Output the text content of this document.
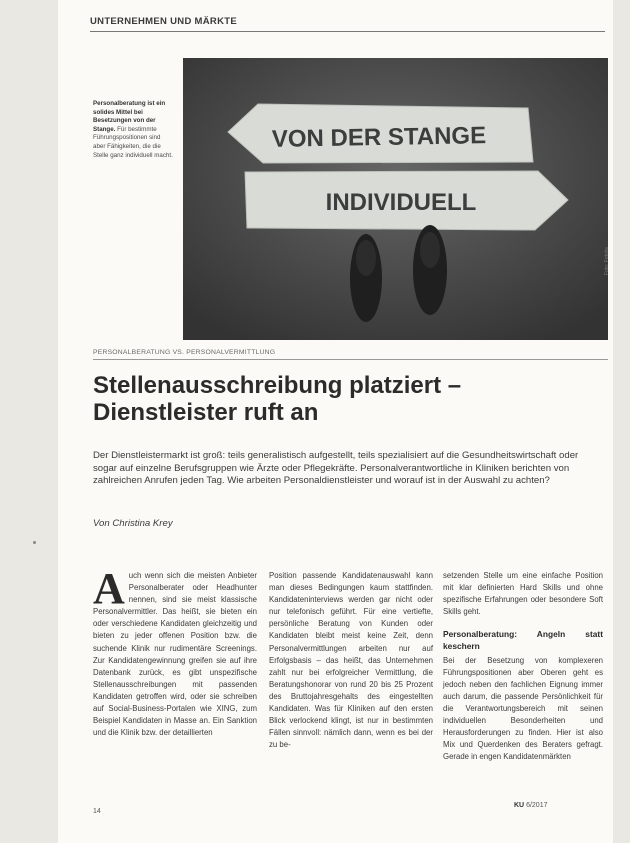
UNTERNEHMEN UND MÄRKTE
VON DER STANGE
INDIVIDUELL
Personalberatung ist ein solides Mittel bei Besetzungen von der Stange. Für bestimmte Führungspositionen sind aber Fähigkeiten, die die Stelle ganz individuell macht.
Foto: Fotolia
PERSONALBERATUNG VS. PERSONALVERMITTLUNG
Stellenausschreibung platziert – Dienstleister ruft an

Der Dienstleistermarkt ist groß: teils generalistisch aufgestellt, teils spezialisiert auf die Gesundheitswirtschaft oder sogar auf einzelne Berufsgruppen wie Ärzte oder Pflegekräfte. Personalverantwortliche in Kliniken berichten von zahlreichen Anrufen jeden Tag. Wie arbeiten Personaldienstleister und worauf ist in der Auswahl zu achten?

Von Christina Krey

A uch wenn sich die meisten Anbieter Personalberater oder Headhunter nennen, sind sie meist klassische Personalvermittler. Das heißt, sie bieten ein oder verschiedene Kandidaten gleichzeitig und bieten zu jeder offenen Position bzw. die suchende Klinik nur rudimentäre Screenings. Zur Kandidatengewinnung greifen sie auf ihre Datenbank zurück, es gibt unspezifische Stellenausschreibungen mit passenden Kandidaten getroffen wird, oder sie schreiben auf Social-Business-Portalen wie XING, zum Beispiel Kandidaten in Masse an. Ein Sanktion und die Klinik bzw. der detaillierten

Position passende Kandidatenauswahl kann man dieses Bedingungen kaum stattfinden. Kandidateninterviews werden gar nicht oder nur telefonisch geführt. Für eine vertiefte, persönliche Beratung von Kunden oder Kandidaten bleibt meist keine Zeit, denn Personalvermittlungen arbeiten nur auf Erfolgsbasis – das heißt, das Unternehmen zahlt nur bei erfolgreicher Vermittlung, die Beratungshonorar von rund 20 bis 25 Prozent des Bruttojahresgehalts des eingestellten Kandidaten. Was für Kliniken auf den ersten Blick verlockend klingt, ist nur in bestimmten Fällen sinnvoll: nämlich dann, wenn es bei der zu be-

setzenden Stelle um eine einfache Position mit klar definierten Hard Skills und ohne spezifische Erfahrungen oder besondere Soft Skills geht.

Personalberatung: Angeln statt keschern

Bei der Besetzung von komplexeren Führungspositionen aber Oberen geht es jedoch neben den fachlichen Eignung immer auch darum, die passende Persönlichkeit für die Verantwortungsbereich mit seinen individuellen Besonderheiten und Herausforderungen zu finden. Hier ist also Mix und Querdenken des Beraters gefragt. Gerade in engen Kandidatenmärkten

14
KU 6/2017
